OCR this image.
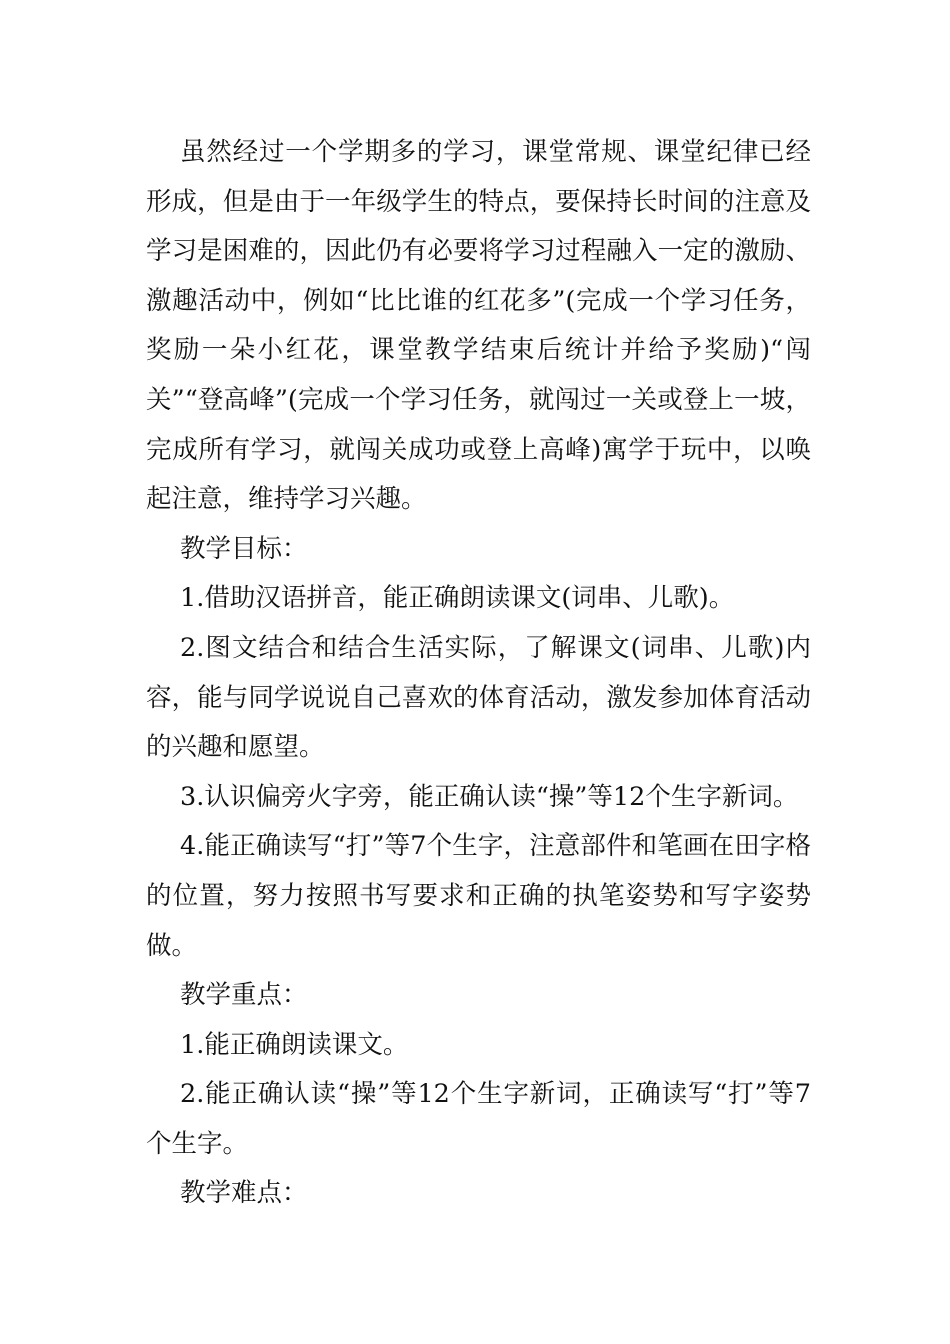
虽然经过一个学期多的学习，课堂常规、课堂纪律已经形成，但是由于一年级学生的特点，要保持长时间的注意及学习是困难的，因此仍有必要将学习过程融入一定的激励、激趣活动中，例如“比比谁的红花多”(完成一个学习任务，奖励一朵小红花，课堂教学结束后统计并给予奖励)“闯关”“登高峰”(完成一个学习任务，就闯过一关或登上一坡，完成所有学习，就闯关成功或登上高峰)寓学于玩中，以唤起注意，维持学习兴趣。

教学目标：

1.借助汉语拼音，能正确朗读课文(词串、儿歌)。

2.图文结合和结合生活实际，了解课文(词串、儿歌)内容，能与同学说说自己喜欢的体育活动，激发参加体育活动的兴趣和愿望。

3.认识偏旁火字旁，能正确认读“操”等12个生字新词。

4.能正确读写“打”等7个生字，注意部件和笔画在田字格的位置，努力按照书写要求和正确的执笔姿势和写字姿势做。

教学重点：

1.能正确朗读课文。

2.能正确认读“操”等12个生字新词，正确读写“打”等7个生字。

教学难点：
